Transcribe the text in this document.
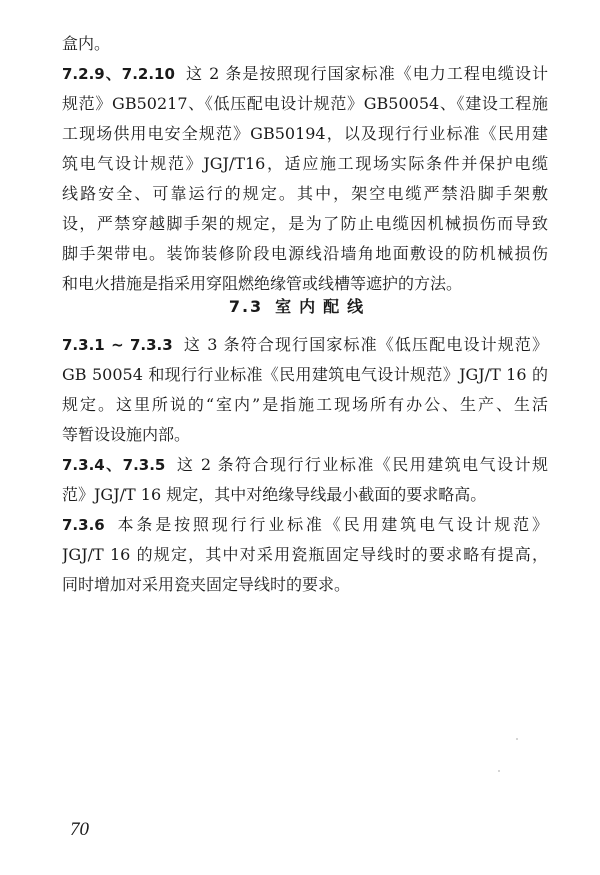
盒内。
7.2.9、7.2.10 这 2 条是按照现行国家标准《电力工程电缆设计
规范》GB50217、《低压配电设计规范》GB50054、《建设工程施
工现场供用电安全规范》GB50194，以及现行行业标准《民用建
筑电气设计规范》JGJ/T16，适应施工现场实际条件并保护电缆
线路安全、可靠运行的规定。其中，架空电缆严禁沿脚手架敷
设，严禁穿越脚手架的规定，是为了防止电缆因机械损伤而导致
脚手架带电。装饰装修阶段电源线沿墙角地面敷设的防机械损伤
和电火措施是指采用穿阻燃绝缘管或线槽等遮护的方法。
7.3 室内配线
7.3.1 ~ 7.3.3 这 3 条符合现行国家标准《低压配电设计规范》
GB 50054 和现行行业标准《民用建筑电气设计规范》JGJ/T 16 的
规定。这里所说的“室内”是指施工现场所有办公、生产、生活
等暂设设施内部。
7.3.4、7.3.5 这 2 条符合现行行业标准《民用建筑电气设计规
范》JGJ/T 16 规定，其中对绝缘导线最小截面的要求略高。
7.3.6 本条是按照现行行业标准《民用建筑电气设计规范》
JGJ/T 16 的规定，其中对采用瓷瓶固定导线时的要求略有提高，
同时增加对采用瓷夹固定导线时的要求。
70
